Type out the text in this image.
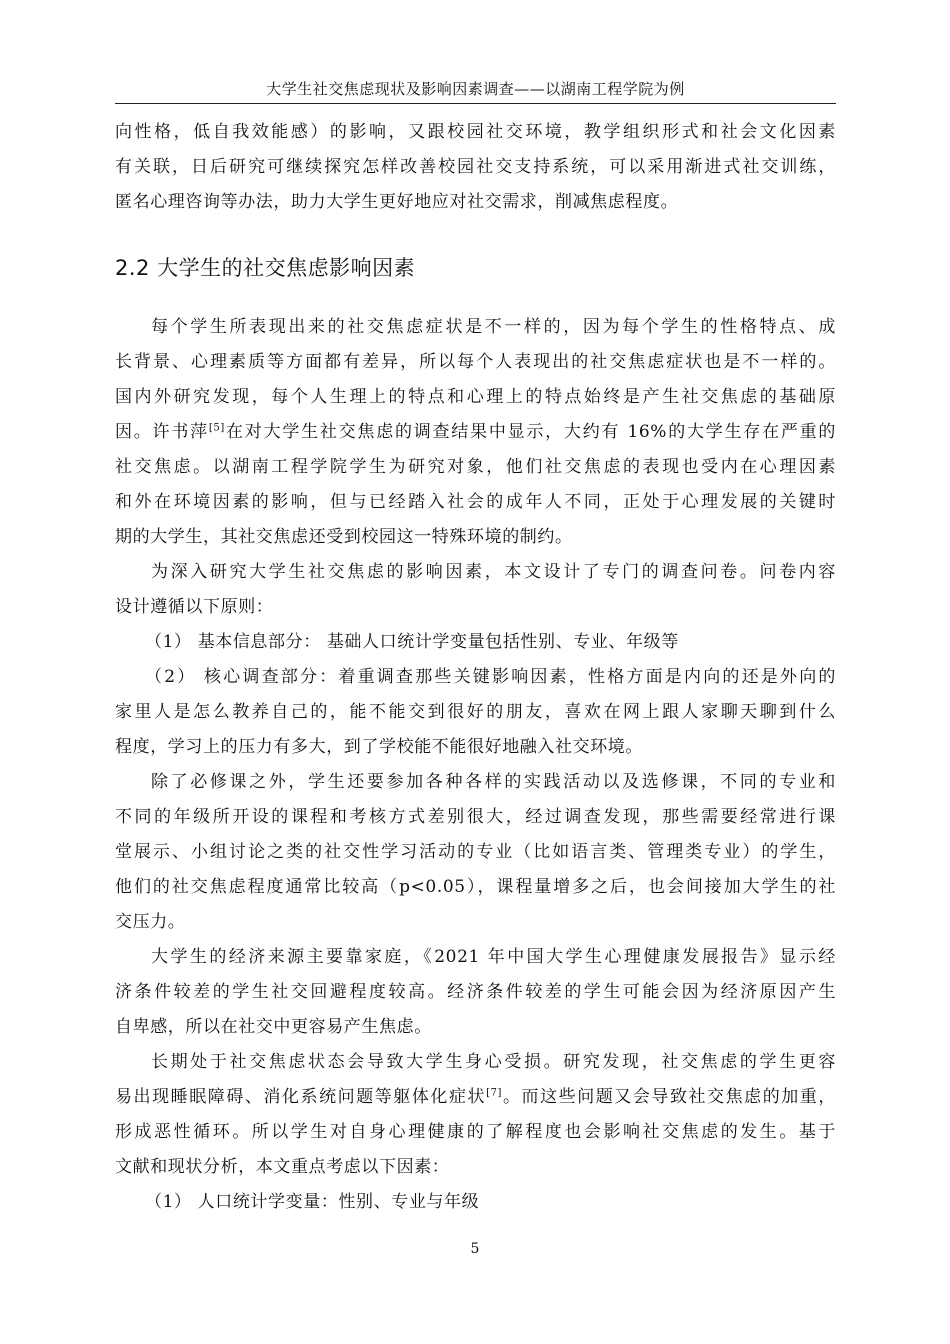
大学生社交焦虑现状及影响因素调查——以湖南工程学院为例
向性格，低自我效能感）的影响，又跟校园社交环境，教学组织形式和社会文化因素
有关联，日后研究可继续探究怎样改善校园社交支持系统，可以采用渐进式社交训练，
匿名心理咨询等办法，助力大学生更好地应对社交需求，削减焦虑程度。
2.2 大学生的社交焦虑影响因素
每个学生所表现出来的社交焦虑症状是不一样的，因为每个学生的性格特点、成
长背景、心理素质等方面都有差异，所以每个人表现出的社交焦虑症状也是不一样的。
国内外研究发现，每个人生理上的特点和心理上的特点始终是产生社交焦虑的基础原
因。许书萍[5]在对大学生社交焦虑的调查结果中显示，大约有 16%的大学生存在严重的
社交焦虑。以湖南工程学院学生为研究对象，他们社交焦虑的表现也受内在心理因素
和外在环境因素的影响，但与已经踏入社会的成年人不同，正处于心理发展的关键时
期的大学生，其社交焦虑还受到校园这一特殊环境的制约。
为深入研究大学生社交焦虑的影响因素，本文设计了专门的调查问卷。问卷内容
设计遵循以下原则：
（1） 基本信息部分： 基础人口统计学变量包括性别、专业、年级等
（2） 核心调查部分：着重调查那些关键影响因素，性格方面是内向的还是外向的
家里人是怎么教养自己的，能不能交到很好的朋友，喜欢在网上跟人家聊天聊到什么
程度，学习上的压力有多大，到了学校能不能很好地融入社交环境。
除了必修课之外，学生还要参加各种各样的实践活动以及选修课，不同的专业和
不同的年级所开设的课程和考核方式差别很大，经过调查发现，那些需要经常进行课
堂展示、小组讨论之类的社交性学习活动的专业（比如语言类、管理类专业）的学生，
他们的社交焦虑程度通常比较高（p<0.05），课程量增多之后，也会间接加大学生的社
交压力。
大学生的经济来源主要靠家庭，《2021 年中国大学生心理健康发展报告》显示经
济条件较差的学生社交回避程度较高。经济条件较差的学生可能会因为经济原因产生
自卑感，所以在社交中更容易产生焦虑。
长期处于社交焦虑状态会导致大学生身心受损。研究发现，社交焦虑的学生更容
易出现睡眠障碍、消化系统问题等躯体化症状[7]。而这些问题又会导致社交焦虑的加重，
形成恶性循环。所以学生对自身心理健康的了解程度也会影响社交焦虑的发生。基于
文献和现状分析，本文重点考虑以下因素：
（1） 人口统计学变量：性别、专业与年级
5
